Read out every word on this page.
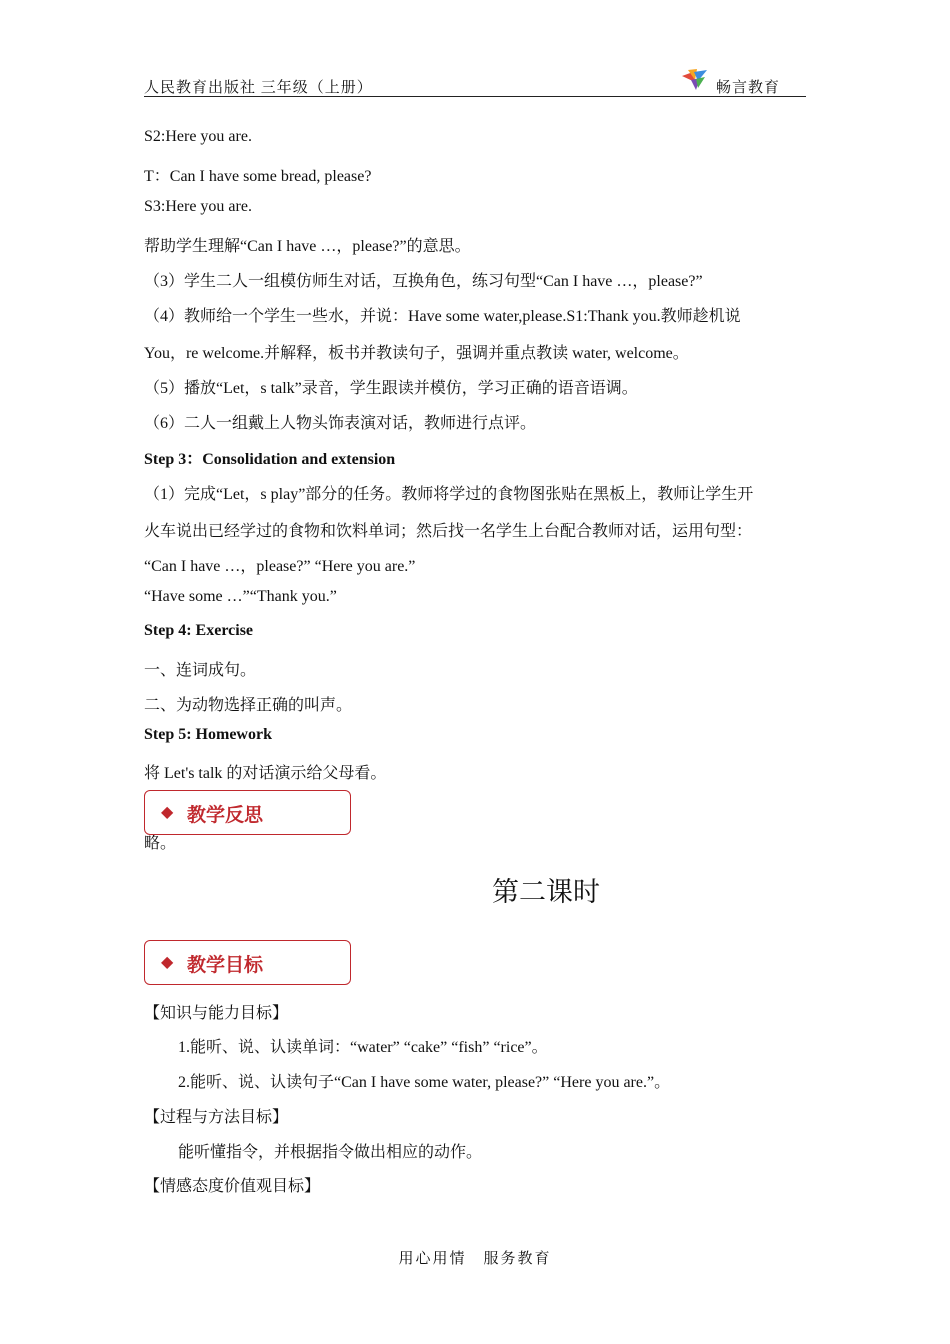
人民教育出版社 三年级（上册）	畅言教育
S2:Here you are.
T：Can I have some bread, please?
S3:Here you are.
帮助学生理解“Can I have …，please?”的意思。
（3）学生二人一组模仿师生对话，互换角色，练习句型“Can I have …，please?”
（4）教师给一个学生一些水，并说：Have some water,please.S1:Thank you.教师趁机说
You，re welcome.并解释，板书并教读句子，强调并重点教读 water, welcome。
（5）播放“Let，s talk”录音，学生跟读并模仿，学习正确的语音语调。
（6）二人一组戴上人物头饰表演对话，教师进行点评。
Step 3：Consolidation and extension
（1）完成“Let，s play”部分的任务。教师将学过的食物图张贴在黑板上，教师让学生开
火车说出已经学过的食物和饮料单词；然后找一名学生上台配合教师对话，运用句型：
“Can I have …，please?” “Here you are.”
“Have some …”“Thank you.”
Step 4: Exercise
一、连词成句。
二、为动物选择正确的叫声。
Step 5: Homework
将 Let's talk 的对话演示给父母看。
略。
◆ 教学反思
第二课时
◆ 教学目标
【知识与能力目标】
1.能听、说、认读单词：“water” “cake” “fish” “rice”。
2.能听、说、认读句子“Can I have some water, please?” “Here you are.”。
【过程与方法目标】
能听懂指令，并根据指令做出相应的动作。
【情感态度价值观目标】
用心用情　服务教育
